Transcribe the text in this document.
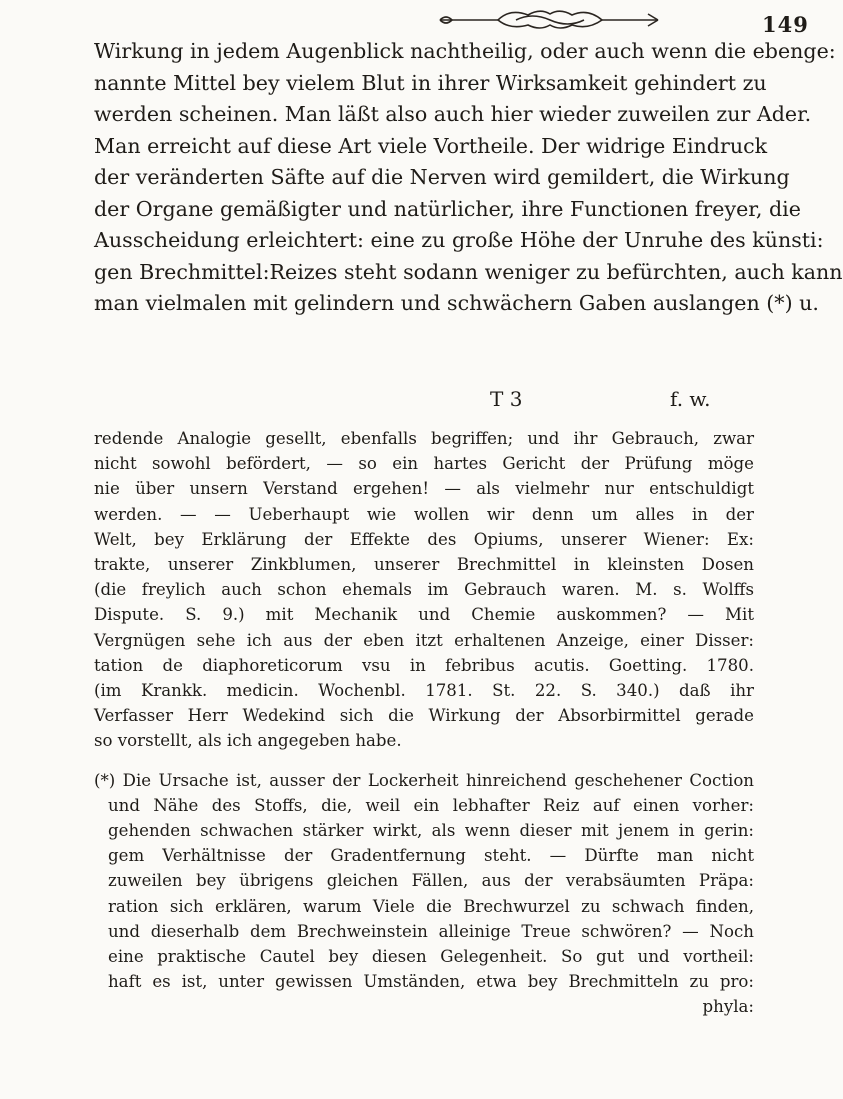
149
Wirkung in jedem Augenblick nachtheilig, oder auch wenn die ebenge:
nannte Mittel bey vielem Blut in ihrer Wirksamkeit gehindert zu
werden scheinen. Man läßt also auch hier wieder zuweilen zur Ader.
Man erreicht auf diese Art viele Vortheile. Der widrige Eindruck
der veränderten Säfte auf die Nerven wird gemildert, die Wirkung
der Organe gemäßigter und natürlicher, ihre Functionen freyer, die
Ausscheidung erleichtert: eine zu große Höhe der Unruhe des künsti:
gen Brechmittel:Reizes steht sodann weniger zu befürchten, auch kann
man vielmalen mit gelindern und schwächern Gaben auslangen (*) u.
T 3	f. w.
redende Analogie gesellt, ebenfalls begriffen; und ihr Gebrauch, zwar
nicht sowohl befördert, — so ein hartes Gericht der Prüfung möge
nie über unsern Verstand ergehen! — als vielmehr nur entschuldigt
werden. — — Ueberhaupt wie wollen wir denn um alles in der
Welt, bey Erklärung der Effekte des Opiums, unserer Wiener: Ex:
trakte, unserer Zinkblumen, unserer Brechmittel in kleinsten Dosen
(die freylich auch schon ehemals im Gebrauch waren. M. s. Wolffs
Dispute. S. 9.) mit Mechanik und Chemie auskommen? — Mit
Vergnügen sehe ich aus der eben itzt erhaltenen Anzeige, einer Disser:
tation de diaphoreticorum vsu in febribus acutis. Goetting. 1780.
(im Krankk. medicin. Wochenbl. 1781. St. 22. S. 340.) daß ihr
Verfasser Herr Wedekind sich die Wirkung der Absorbirmittel gerade
so vorstellt, als ich angegeben habe.
(*) Die Ursache ist, ausser der Lockerheit hinreichend geschehener Coction
und Nähe des Stoffs, die, weil ein lebhafter Reiz auf einen vorher:
gehenden schwachen stärker wirkt, als wenn dieser mit jenem in gerin:
gem Verhältnisse der Gradentfernung steht. — Dürfte man nicht
zuweilen bey übrigens gleichen Fällen, aus der verabsäumten Präpa:
ration sich erklären, warum Viele die Brechwurzel zu schwach finden,
und dieserhalb dem Brechweinstein alleinige Treue schwören? — Noch
eine praktische Cautel bey diesen Gelegenheit. So gut und vortheil:
haft es ist, unter gewissen Umständen, etwa bey Brechmitteln zu pro:
phyla:
